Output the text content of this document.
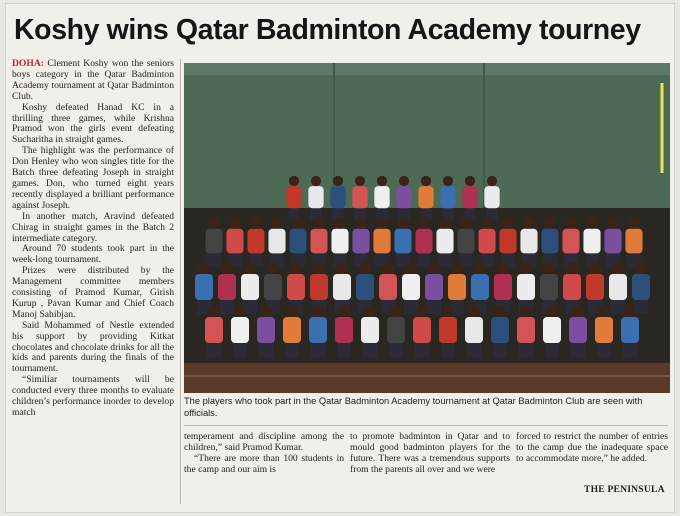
Koshy wins Qatar Badminton Academy tourney

DOHA: Clement Koshy won the seniors boys category in the Qatar Badminton Academy tournament at Qatar Badminton Club.

Koshy defeated Hanad KC in a thrilling three games, while Krishna Pramod won the girls event defeating Sucharitha in straight games.

The highlight was the performance of Don Henley who won singles title for the Batch three defeating Joseph in straight games. Don, who turned eight years recently displayed a brilliant performance against Joseph.

In another match, Aravind defeated Chirag in straight games in the Batch 2 intermediate category.

Around 70 students took part in the week-long tournament.

Prizes were distributed by the Management committee members consisting of Pramod Kumar, Girish Kurup , Pavan Kumar and Chief Coach Manoj Sahibjan.

Said Mohammed of Nestle extended his support by providing Kitkat chocolates and chocolate drinks for all the kids and parents during the finals of the tournament.

“Similiar tournaments will be conducted every three months to evaluate children’s performance inorder to develop match

The players who took part in the Qatar Badminton Academy tournament at Qatar Badminton Club are seen with officials.

temperament and discipline among the children,” said Pramod Kumar.

“There are more than 100 students in the camp and our aim is

to promote badminton in Qatar and to mould good badminton players for the future. There was a tremendous supports from the parents all over and we were

forced to restrict the number of entries to the camp due the inadequate space to accommodate more,” he added.

THE PENINSULA
